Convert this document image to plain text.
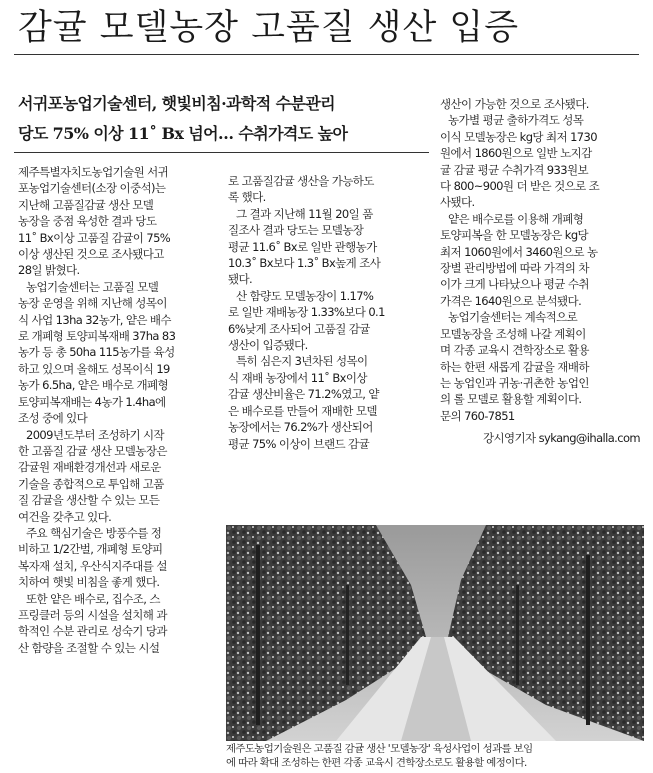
감귤 모델농장 고품질 생산 입증
서귀포농업기술센터, 햇빛비침·과학적 수분관리
당도 75% 이상 11˚ Bx 넘어… 수취가격도 높아
제주특별자치도농업기술원 서귀
포농업기술센터(소장 이중석)는
지난해 고품질감귤 생산 모델
농장을 중점 육성한 결과 당도
11˚ Bx이상 고품질 감귤이 75%
이상 생산된 것으로 조사됐다고
28일 밝혔다.
농업기술센터는 고품질 모델
농장 운영을 위해 지난해 성목이
식 사업 13ha 32농가, 얕은 배수
로 개폐형 토양피복재배 37ha 83
농가 등 총 50ha 115농가를 육성
하고 있으며 올해도 성목이식 19
농가 6.5ha, 얕은 배수로 개폐형
토양피복재배는 4농가 1.4ha에
조성 중에 있다
2009년도부터 조성하기 시작
한 고품질 감귤 생산 모델농장은
감귤원 재배환경개선과 새로운
기술을 종합적으로 투입해 고품
질 감귤을 생산할 수 있는 모든
여건을 갖추고 있다.
주요 핵심기술은 방풍수를 정
비하고 1/2간벌, 개폐형 토양피
복자재 설치, 우산식지주대를 설
치하여 햇빛 비침을 좋게 했다.
또한 얕은 배수로, 집수조, 스
프링클러 등의 시설을 설치해 과
학적인 수분 관리로 성숙기 당과
산 함량을 조절할 수 있는 시설
로 고품질감귤 생산을 가능하도
록 했다.
그 결과 지난해 11월 20일 품
질조사 결과 당도는 모델농장
평균 11.6˚ Bx로 일반 관행농가
10.3˚ Bx보다 1.3˚ Bx높게 조사
됐다.
산 함량도 모델농장이 1.17%
로 일반 재배농장 1.33%보다 0.1
6%낮게 조사되어 고품질 감귤
생산이 입증됐다.
특히 심은지 3년차된 성목이
식 재배 농장에서 11˚ Bx이상
감귤 생산비율은 71.2%였고, 얕
은 배수로를 만들어 재배한 모델
농장에서는 76.2%가 생산되어
평균 75% 이상이 브랜드 감귤
생산이 가능한 것으로 조사됐다.
농가별 평균 출하가격도 성목
이식 모델농장은 kg당 최저 1730
원에서 1860원으로 일반 노지감
귤 감귤 평균 수취가격 933원보
다 800~900원 더 받은 것으로 조
사됐다.
얕은 배수로를 이용해 개폐형
토양피복을 한 모델농장은 kg당
최저 1060원에서 3460원으로 농
장별 관리방법에 따라 가격의 차
이가 크게 나타났으나 평균 수취
가격은 1640원으로 분석됐다.
농업기술센터는 계속적으로
모델농장을 조성해 나갈 계획이
며 각종 교육시 견학장소로 활용
하는 한편 새롭게 감귤을 재배하
는 농업인과 귀농·귀촌한 농업인
의 롤 모델로 활용할 계획이다.
문의 760-7851
강시영기자 sykang@ihalla.com
제주도농업기술원은 고품질 감귤 생산 '모델농장' 육성사업이 성과를 보임
에 따라 확대 조성하는 한편 각종 교육시 견학장소로도 활용할 예정이다.
